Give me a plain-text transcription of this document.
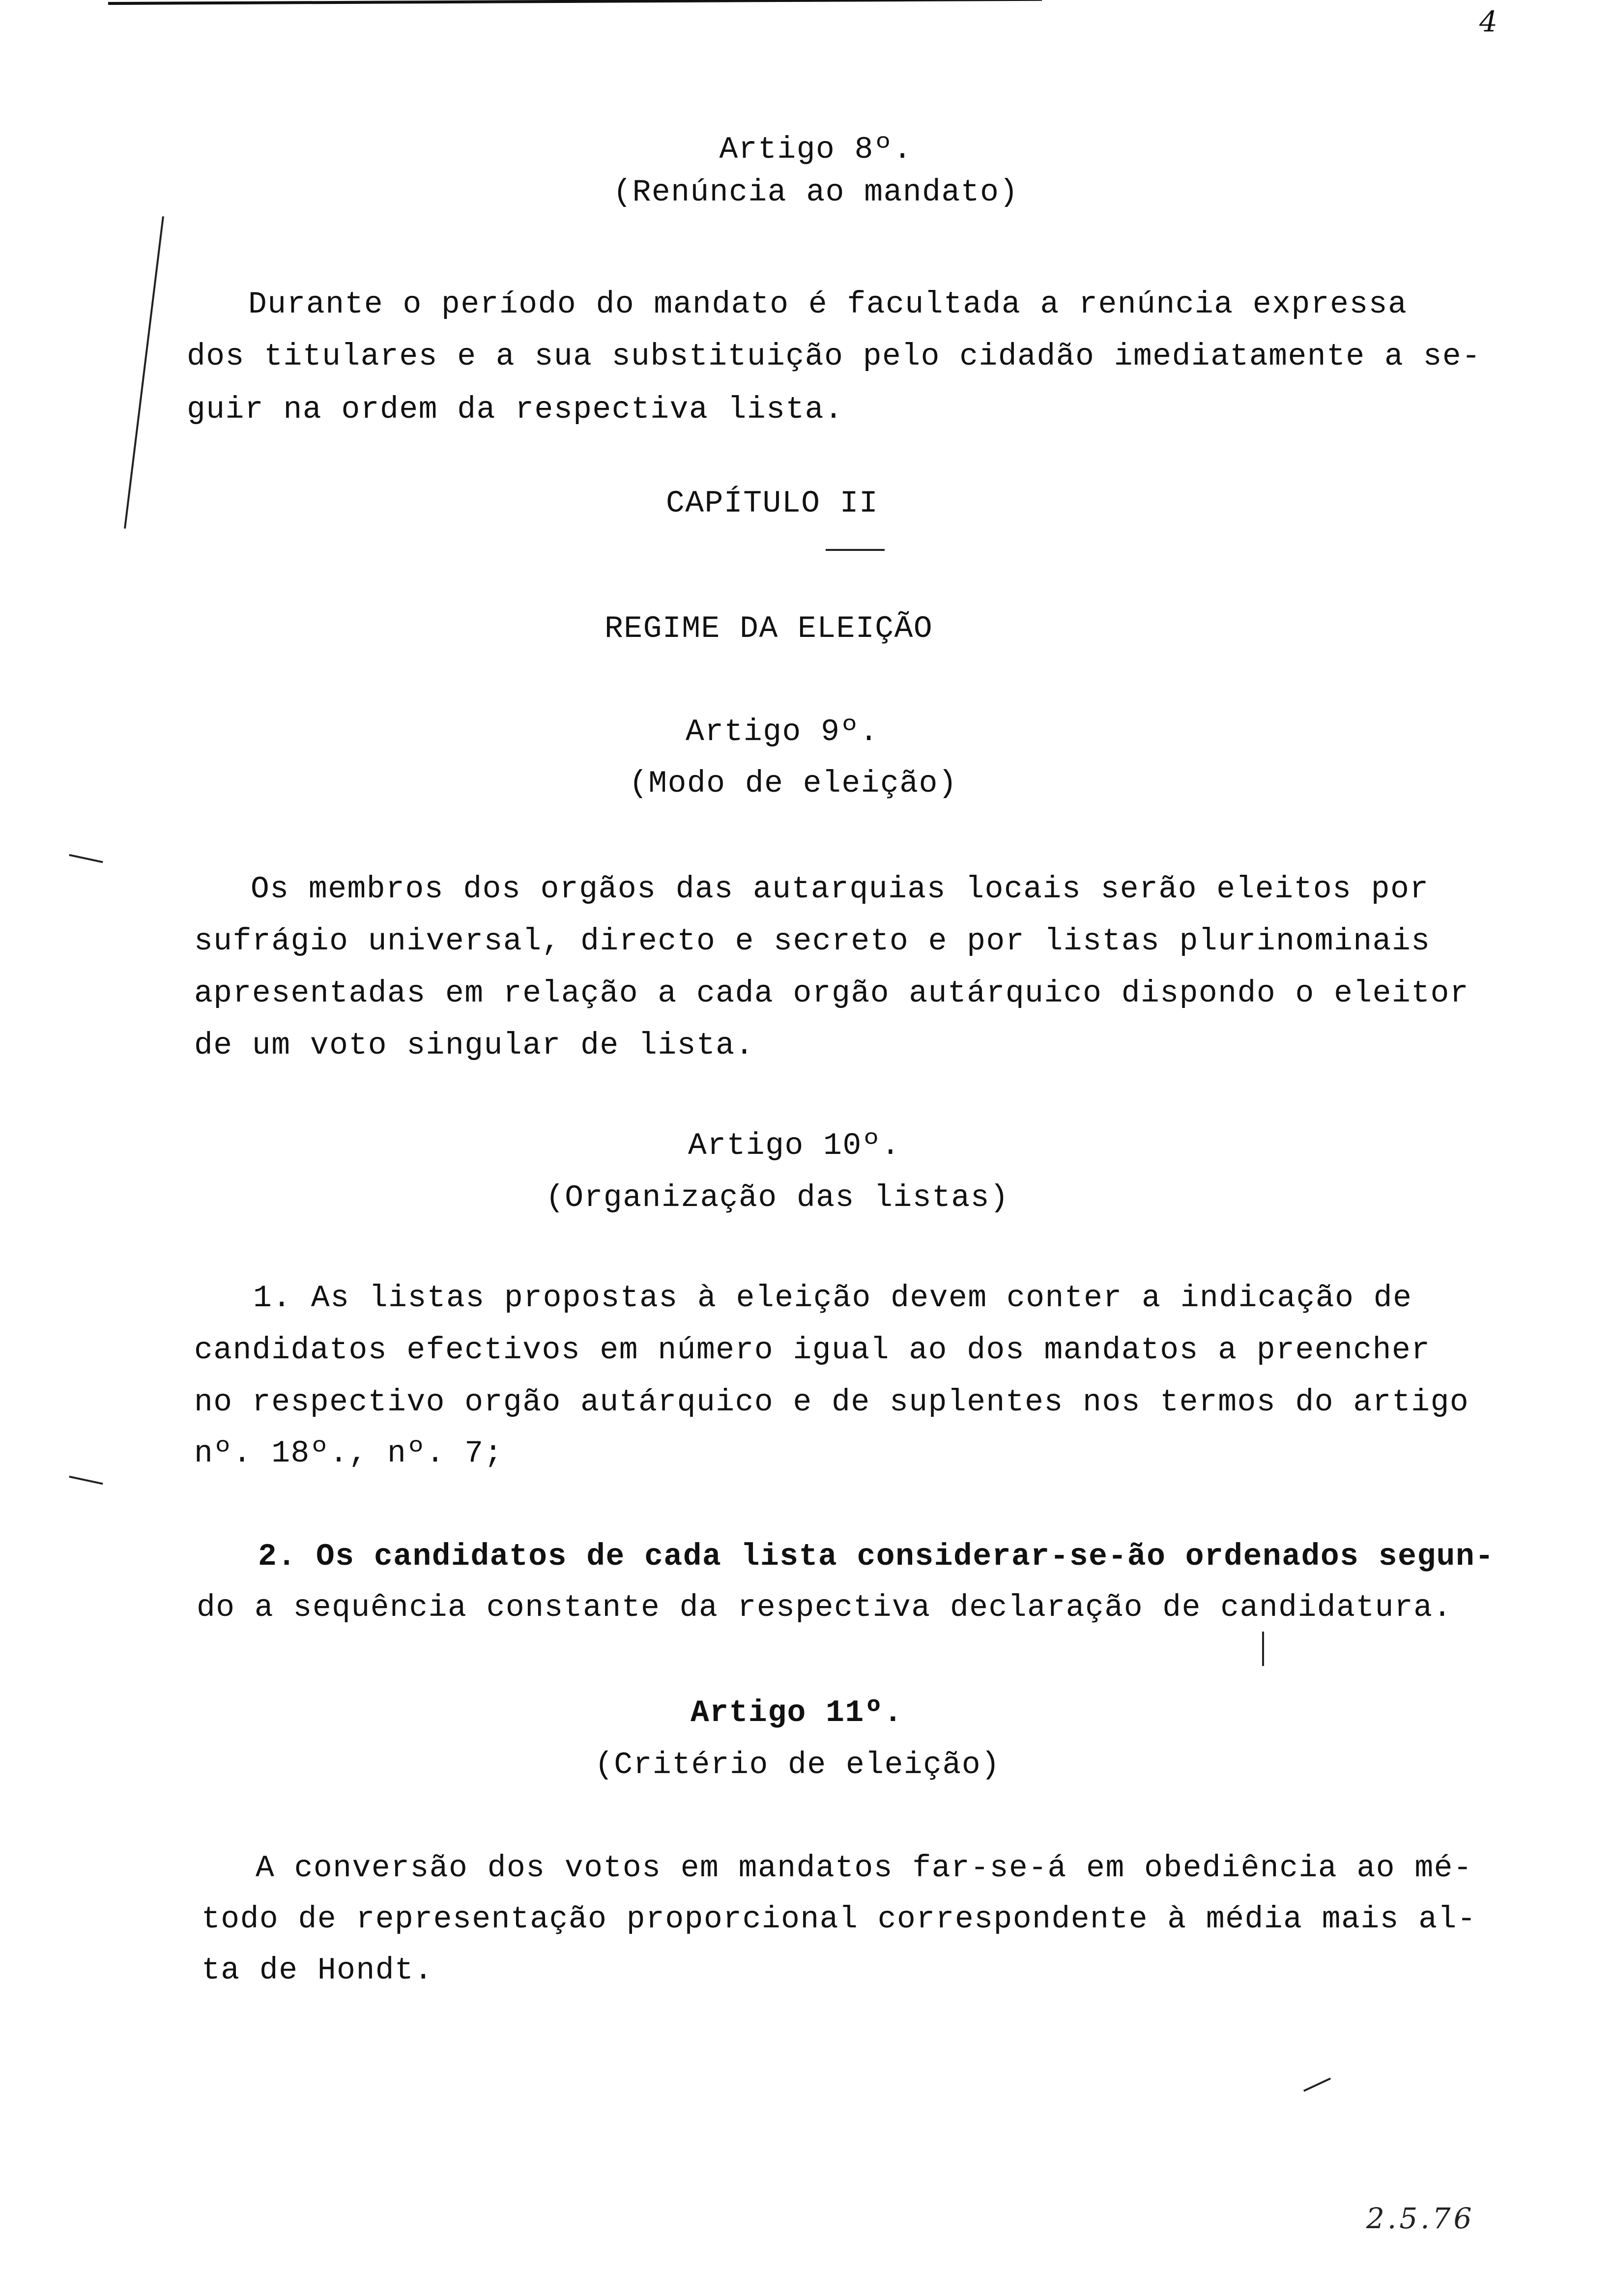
4
Artigo 8º.
(Renúncia ao mandato)
Durante o período do mandato é facultada a renúncia expressa
dos titulares e a sua substituição pelo cidadão imediatamente a se-
guir na ordem da respectiva lista.
CAPÍTULO II
REGIME DA ELEIÇÃO
Artigo 9º.
(Modo de eleição)
Os membros dos orgãos das autarquias locais serão eleitos por
sufrágio universal, directo e secreto e por listas plurinominais
apresentadas em relação a cada orgão autárquico dispondo o eleitor
de um voto singular de lista.
Artigo 10º.
(Organização das listas)
1. As listas propostas à eleição devem conter a indicação de
candidatos efectivos em número igual ao dos mandatos a preencher
no respectivo orgão autárquico e de suplentes nos termos do artigo
nº. 18º., nº. 7;
2. Os candidatos de cada lista considerar-se-ão ordenados segun-
do a sequência constante da respectiva declaração de candidatura.
Artigo 11º.
(Critério de eleição)
A conversão dos votos em mandatos far-se-á em obediência ao mé-
todo de representação proporcional correspondente à média mais al-
ta de Hondt.
2.5.76
